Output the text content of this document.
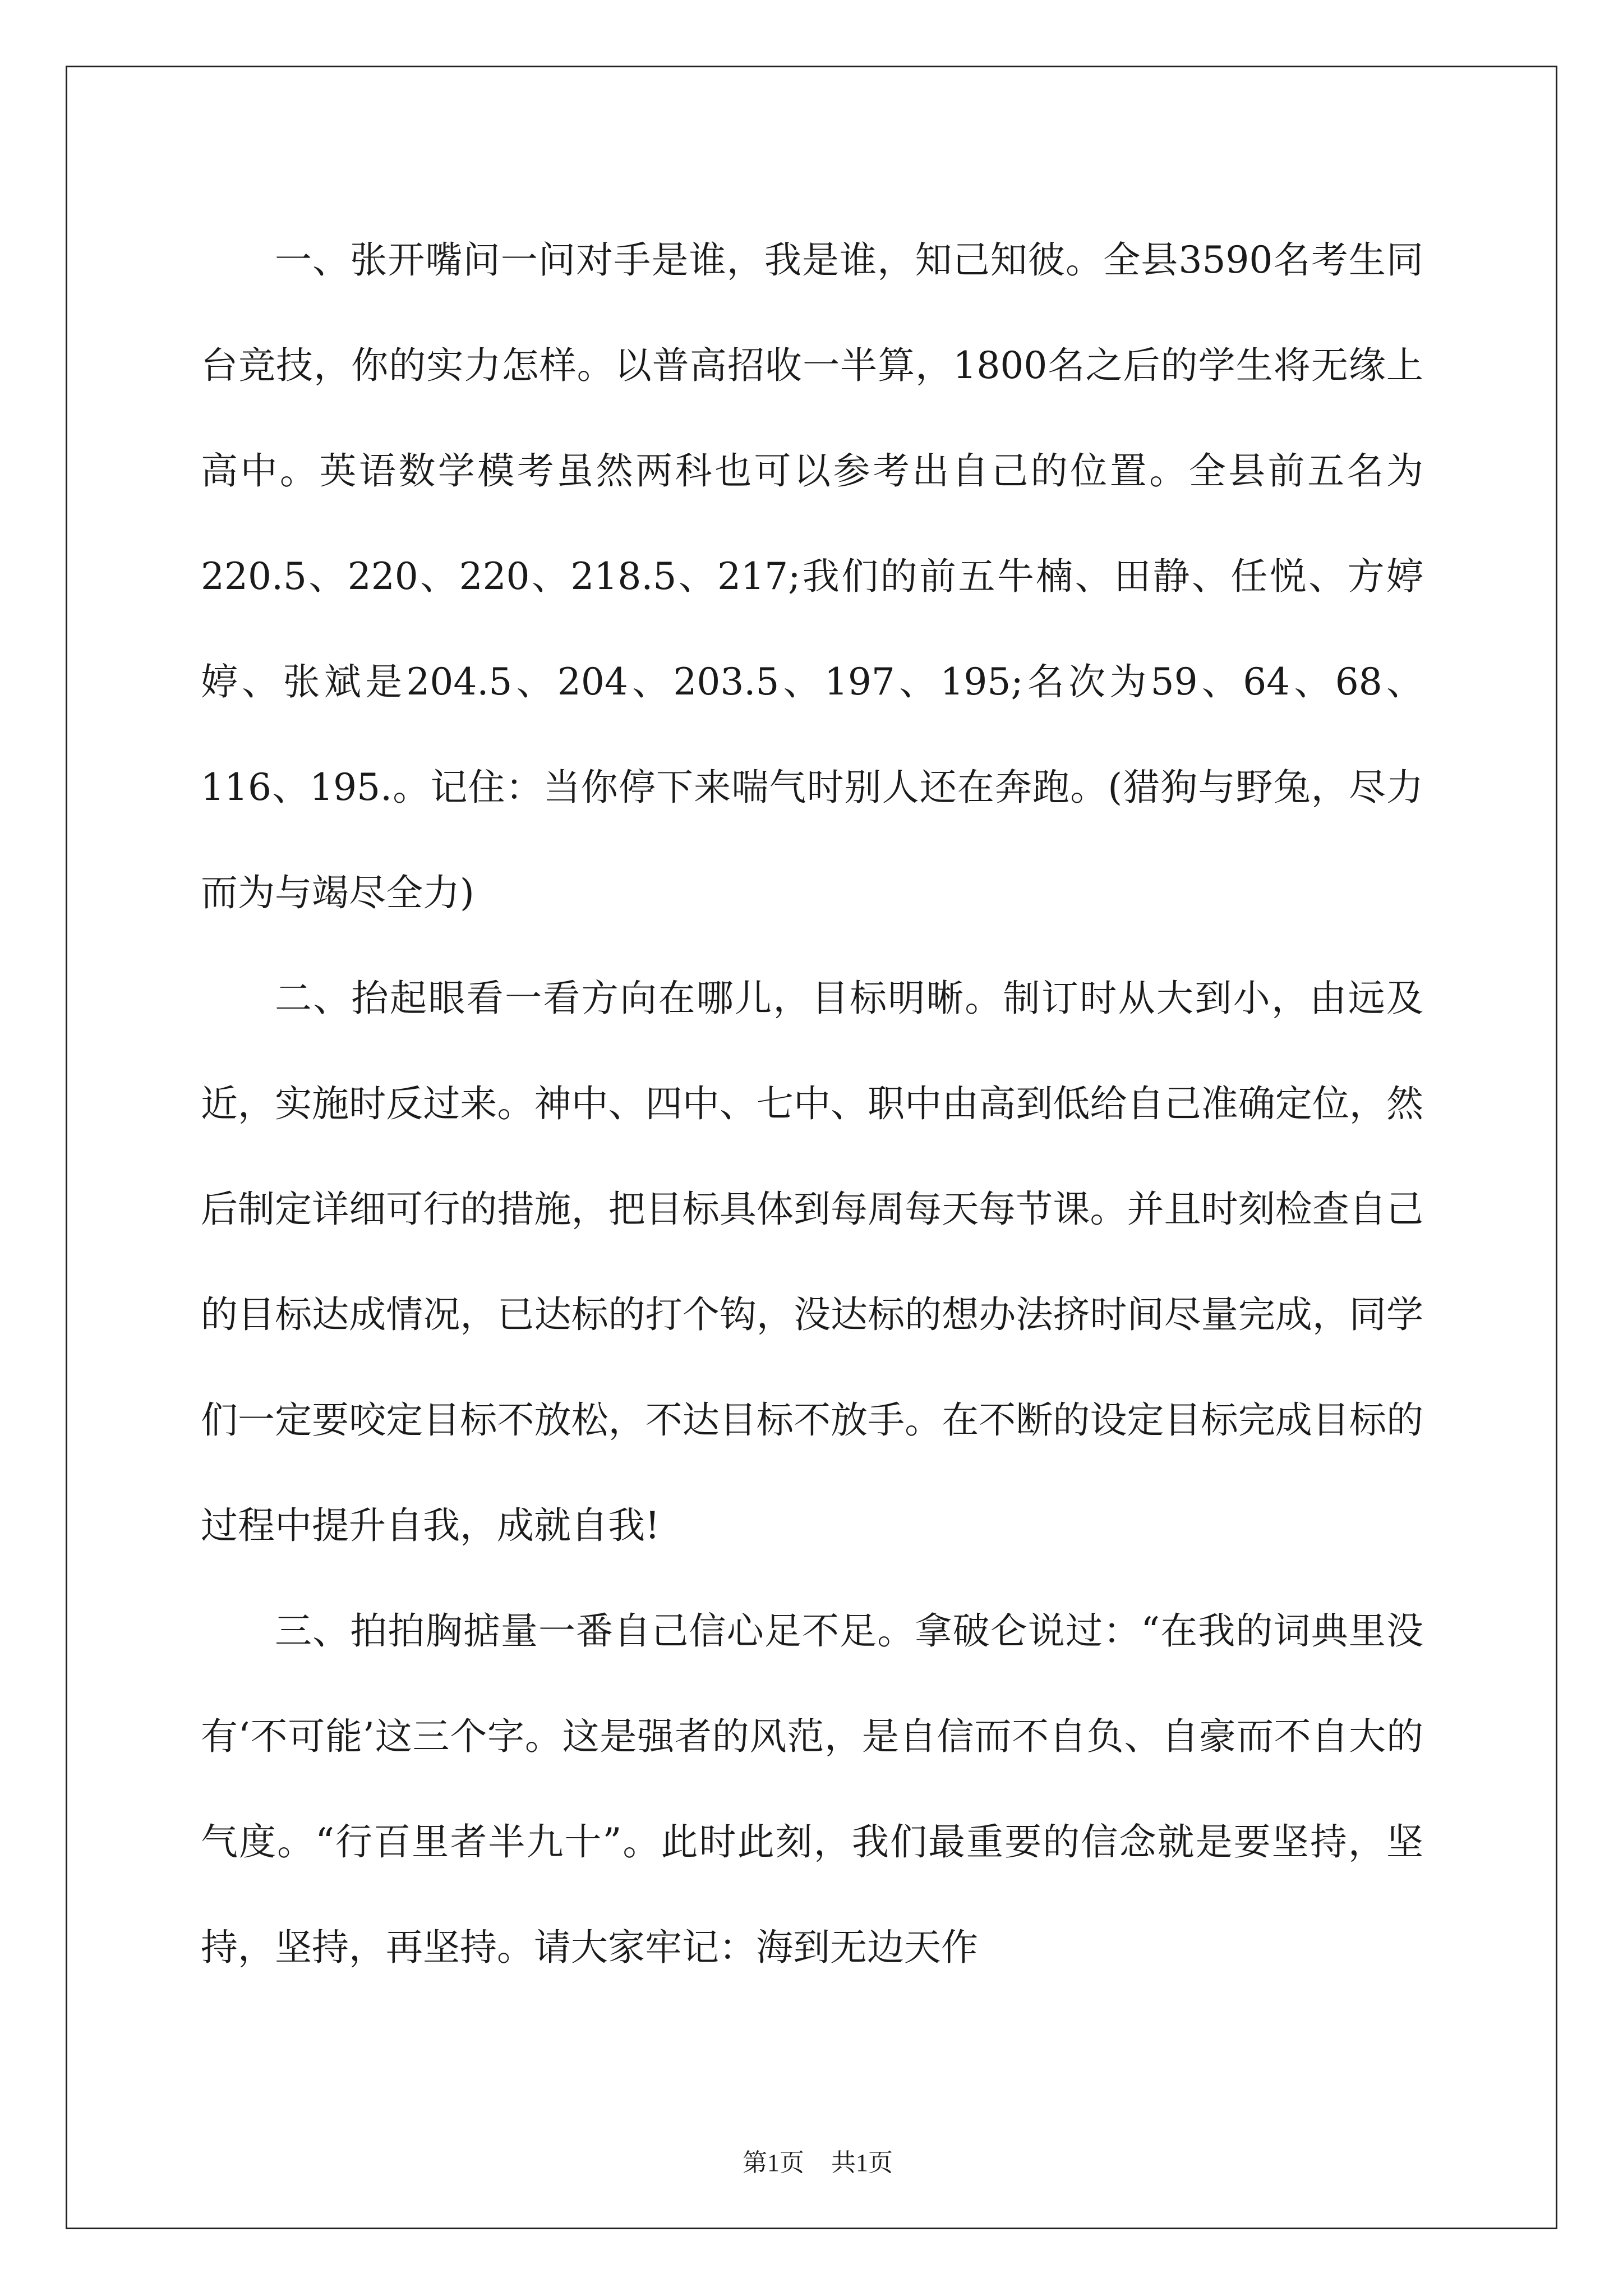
一、张开嘴问一问对手是谁，我是谁，知己知彼。全县3590名考生同台竞技，你的实力怎样。以普高招收一半算，1800名之后的学生将无缘上高中。英语数学模考虽然两科也可以参考出自己的位置。全县前五名为220.5、220、220、218.5、217;我们的前五牛楠、田静、任悦、方婷婷、张斌是204.5、204、203.5、197、195;名次为59、64、68、116、195.。记住：当你停下来喘气时别人还在奔跑。(猎狗与野兔，尽力而为与竭尽全力)

二、抬起眼看一看方向在哪儿，目标明晰。制订时从大到小，由远及近，实施时反过来。神中、四中、七中、职中由高到低给自己准确定位，然后制定详细可行的措施，把目标具体到每周每天每节课。并且时刻检查自己的目标达成情况，已达标的打个钩，没达标的想办法挤时间尽量完成，同学们一定要咬定目标不放松，不达目标不放手。在不断的设定目标完成目标的过程中提升自我，成就自我!

三、拍拍胸掂量一番自己信心足不足。拿破仑说过：“在我的词典里没有‘不可能’这三个字。这是强者的风范，是自信而不自负、自豪而不自大的气度。“行百里者半九十”。此时此刻，我们最重要的信念就是要坚持，坚持，坚持，再坚持。请大家牢记：海到无边天作

第1页 共1页
